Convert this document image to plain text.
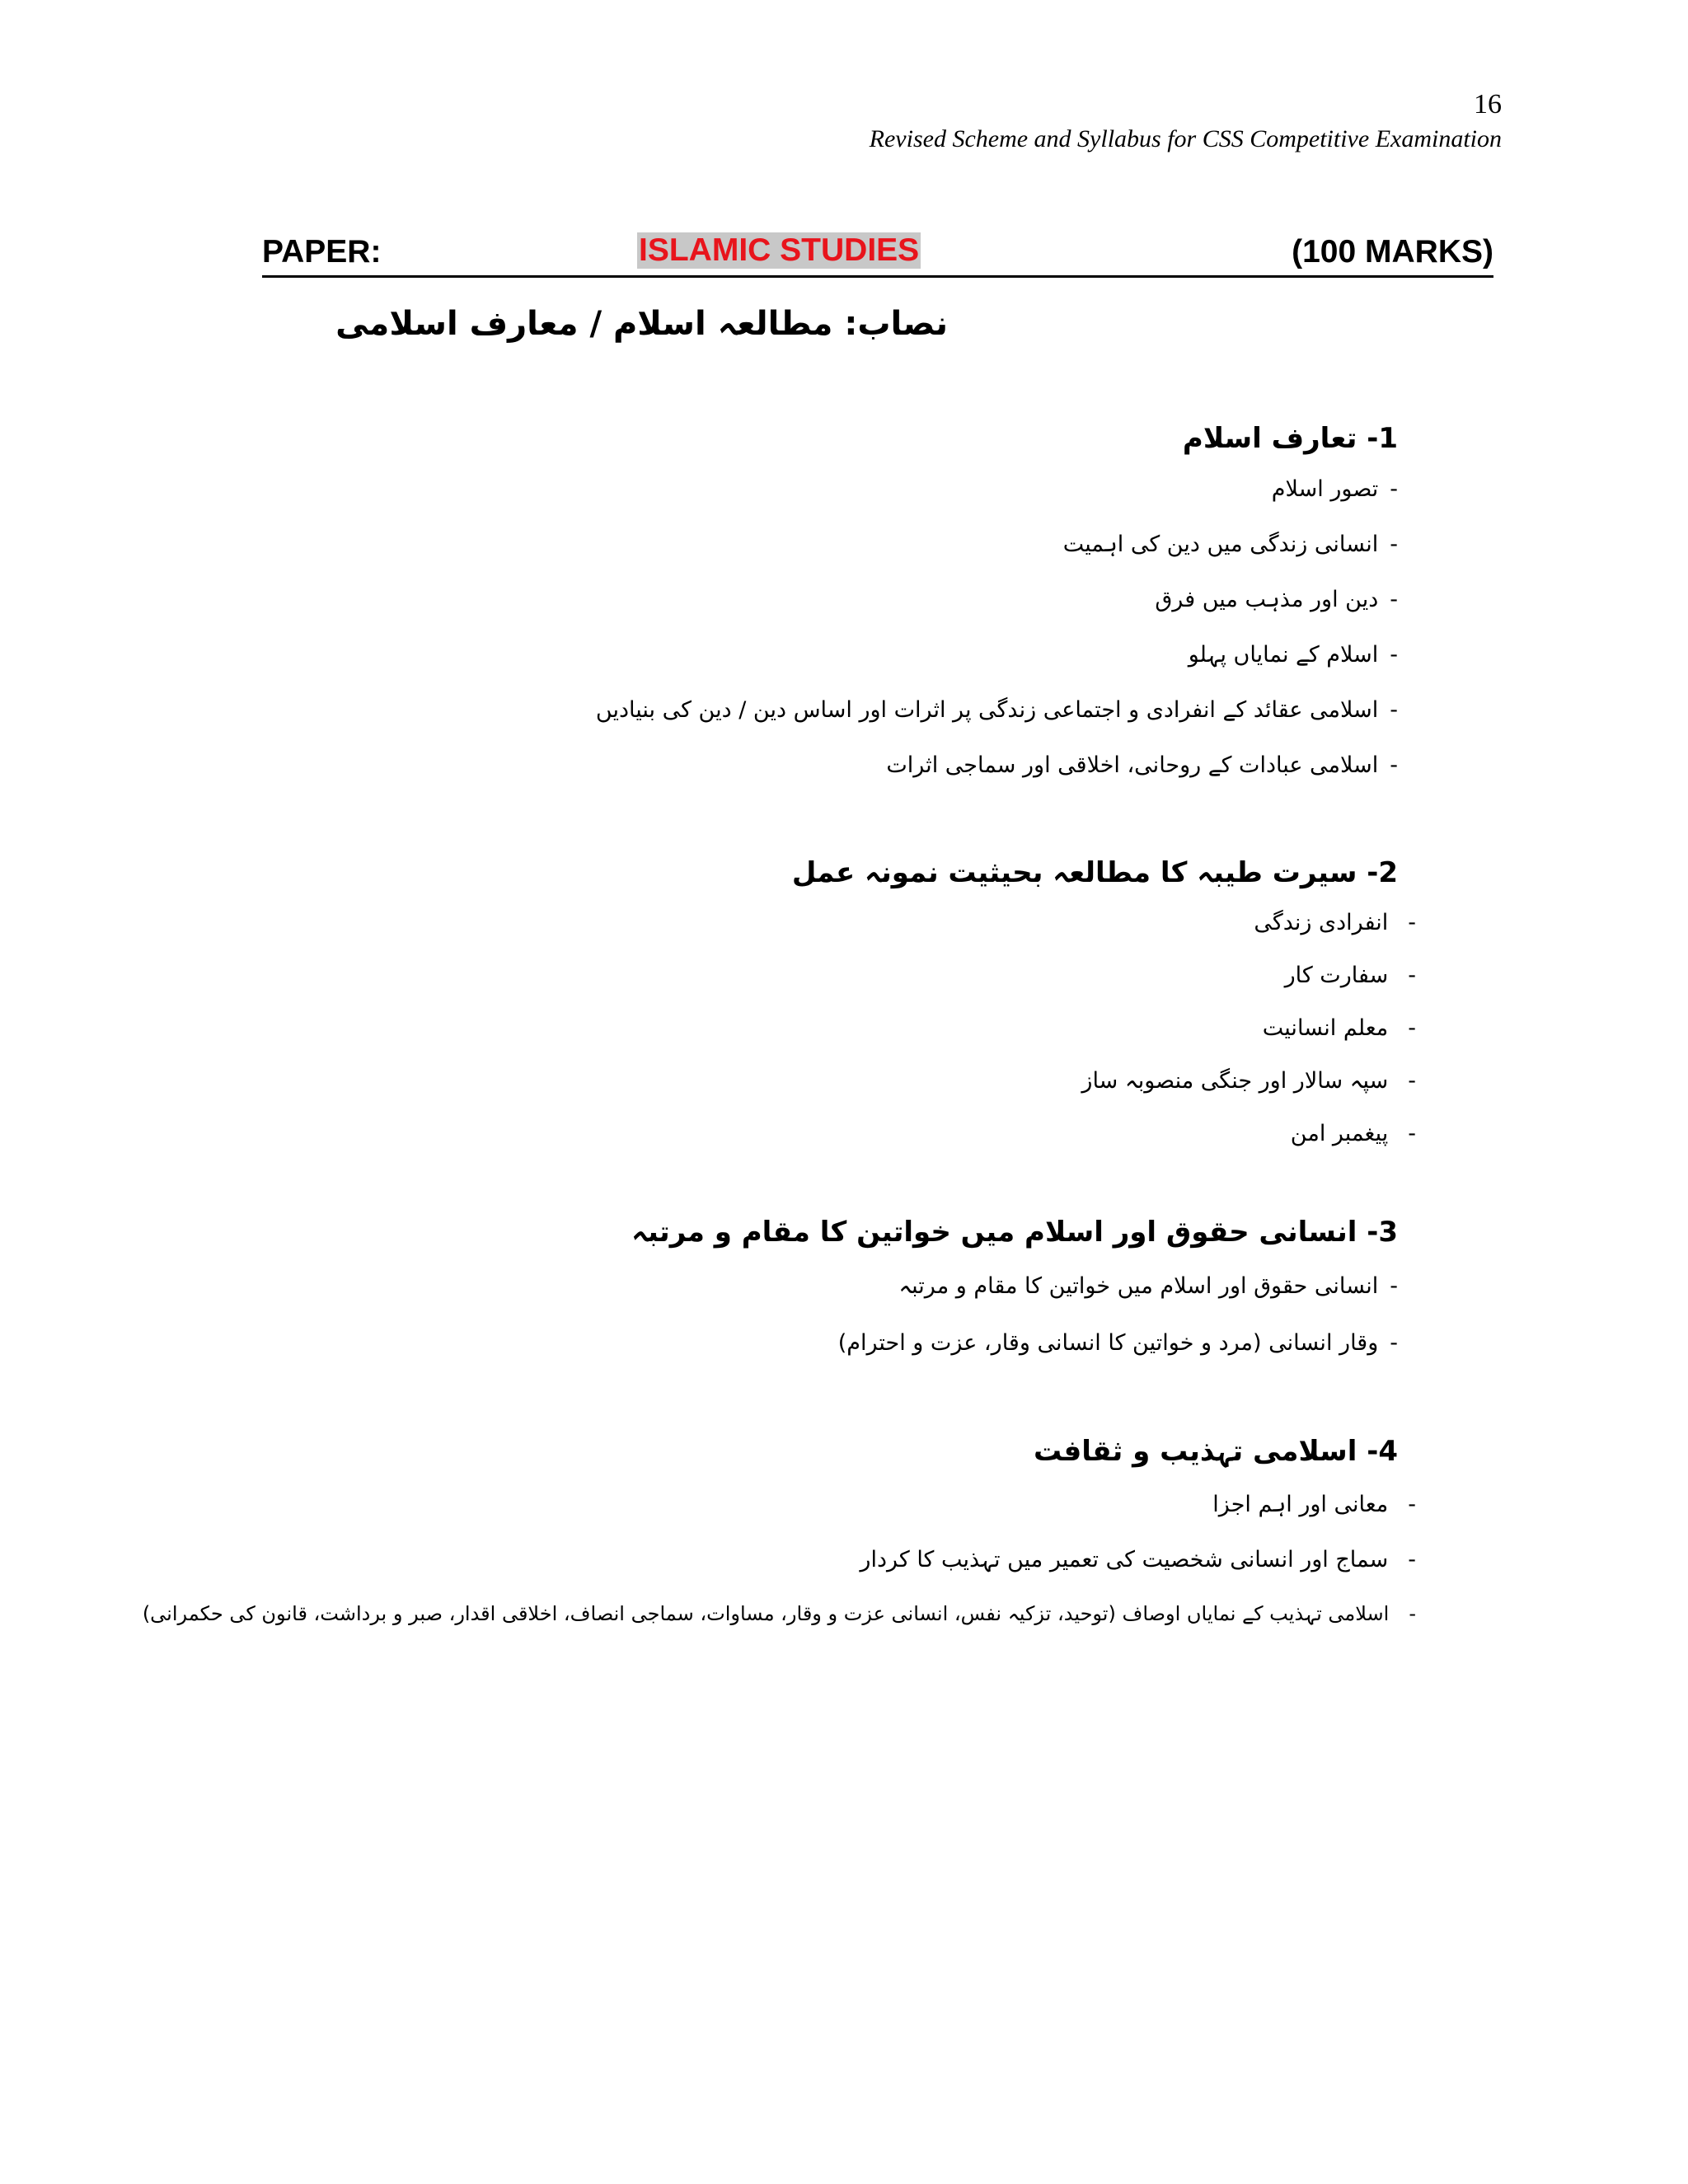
16
Revised Scheme and Syllabus for CSS Competitive Examination
PAPER:	ISLAMIC STUDIES	(100 MARKS)
نصاب: مطالعہ اسلام / معارف اسلامی
1- تعارف اسلام
-تصور اسلام
-انسانی زندگی میں دین کی اہمیت
-دین اور مذہب میں فرق
-اسلام کے نمایاں پہلو
-اسلامی عقائد کے انفرادی و اجتماعی زندگی پر اثرات اور اساس دین / دین کی بنیادیں
-اسلامی عبادات کے روحانی، اخلاقی اور سماجی اثرات
2- سیرت طیبہ کا مطالعہ بحیثیت نمونہ عمل
-انفرادی زندگی
-سفارت کار
-معلم انسانیت
-سپہ سالار اور جنگی منصوبہ ساز
-پیغمبر امن
3- انسانی حقوق اور اسلام میں خواتین کا مقام و مرتبہ
-انسانی حقوق اور اسلام میں خواتین کا مقام و مرتبہ
-وقار انسانی (مرد و خواتین کا انسانی وقار، عزت و احترام)
4- اسلامی تہذیب و ثقافت
-معانی اور اہم اجزا
-سماج اور انسانی شخصیت کی تعمیر میں تہذیب کا کردار
-اسلامی تہذیب کے نمایاں اوصاف (توحید، تزکیہ نفس، انسانی عزت و وقار، مساوات، سماجی انصاف، اخلاقی اقدار، صبر و برداشت، قانون کی حکمرانی)
